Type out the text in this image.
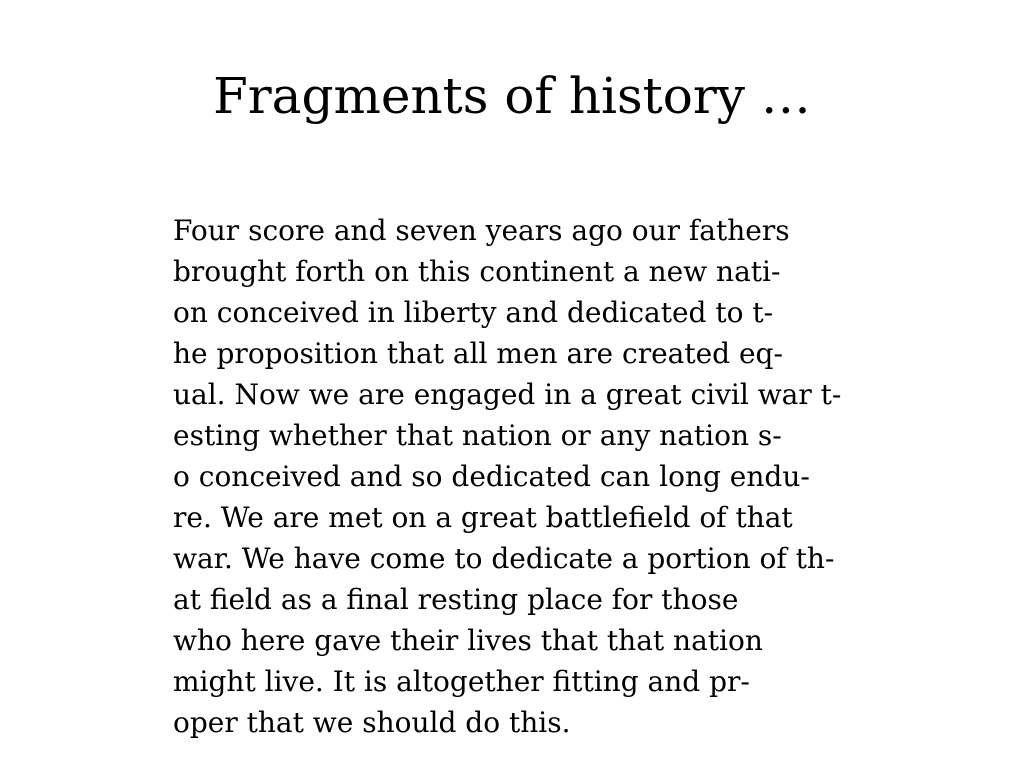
Fragments of history …
Four score and seven years ago our fathers
brought forth on this continent a new nati-
on conceived in liberty and dedicated to t-
he proposition that all men are created eq-
ual. Now we are engaged in a great civil war t-
esting whether that nation or any nation s-
o conceived and so dedicated can long endu-
re. We are met on a great battlefield of that
war. We have come to dedicate a portion of th-
at field as a final resting place for those
who here gave their lives that that nation
might live. It is altogether fitting and pr-
oper that we should do this.
